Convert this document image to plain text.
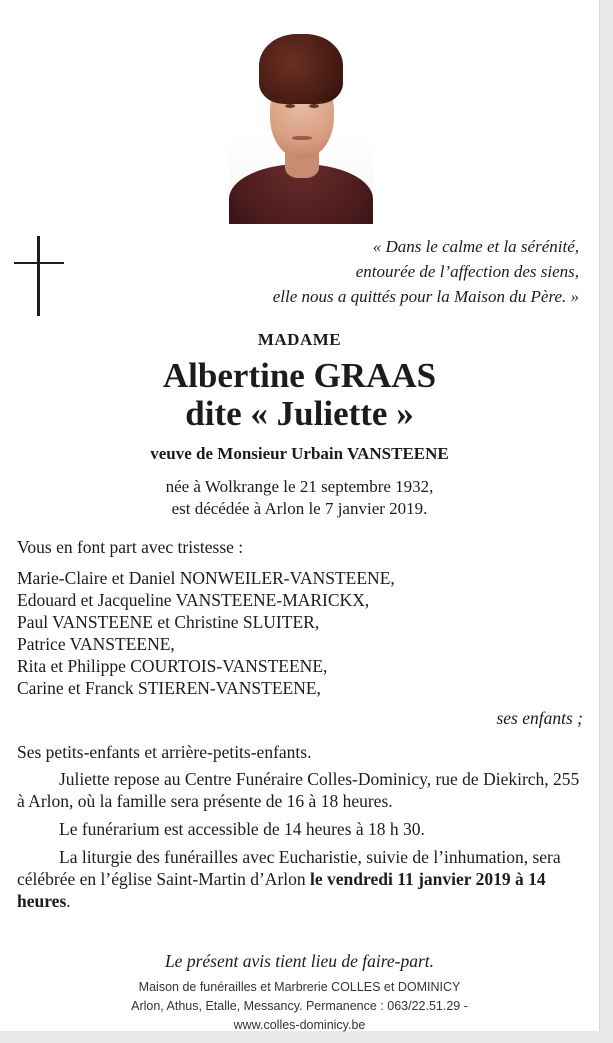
« Dans le calme et la sérénité,
entourée de l’affection des siens,
elle nous a quittés pour la Maison du Père. »
MADAME
Albertine GRAAS
dite « Juliette »
veuve de Monsieur Urbain VANSTEENE
née à Wolkrange le 21 septembre 1932,
est décédée à Arlon le 7 janvier 2019.
Vous en font part avec tristesse :
Marie-Claire et Daniel NONWEILER-VANSTEENE,
Edouard et Jacqueline VANSTEENE-MARICKX,
Paul VANSTEENE et Christine SLUITER,
Patrice VANSTEENE,
Rita et Philippe COURTOIS-VANSTEENE,
Carine et Franck STIEREN-VANSTEENE,
ses enfants ;
Ses petits-enfants et arrière-petits-enfants.
Juliette repose au Centre Funéraire Colles-Dominicy, rue de Diekirch, 255 à Arlon, où la famille sera présente de 16 à 18 heures.
Le funérarium est accessible de 14 heures à 18 h 30.
La liturgie des funérailles avec Eucharistie, suivie de l’inhumation, sera célébrée en l’église Saint-Martin d’Arlon le vendredi 11 janvier 2019 à 14 heures.
Le présent avis tient lieu de faire-part.
Maison de funérailles et Marbrerie COLLES et DOMINICY
Arlon, Athus, Etalle, Messancy. Permanence : 063/22.51.29 -
www.colles-dominicy.be
